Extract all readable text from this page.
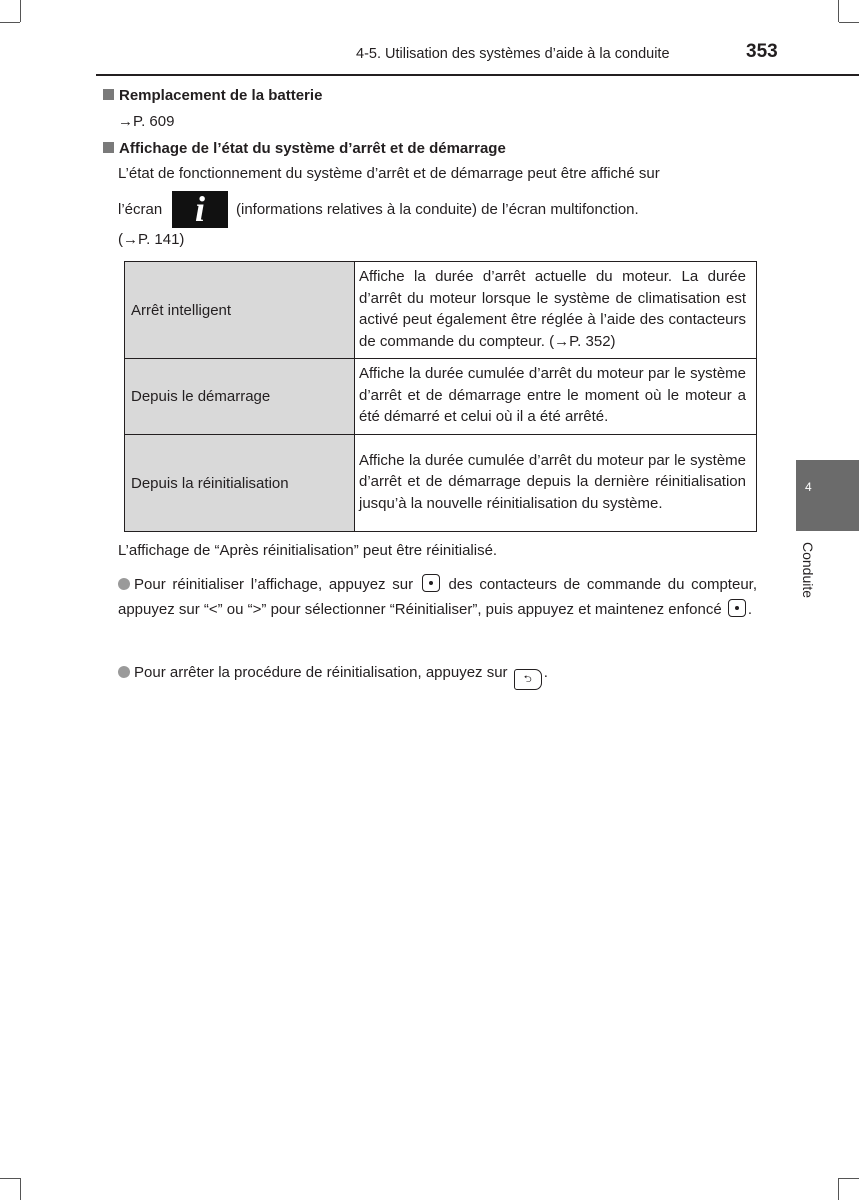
4-5. Utilisation des systèmes d’aide à la conduite	353
Remplacement de la batterie
→P. 609
Affichage de l’état du système d’arrêt et de démarrage
L’état de fonctionnement du système d’arrêt et de démarrage peut être affiché sur
l’écran i	(informations relatives à la conduite) de l’écran multifonction.
(→P. 141)
Arrêt intelligent	Affiche la durée d’arrêt actuelle du moteur. La durée d’arrêt du moteur lorsque le système de climatisation est activé peut également être réglée à l’aide des contacteurs de commande du compteur. (→P. 352)
Depuis le démarrage	Affiche la durée cumulée d’arrêt du moteur par le système d’arrêt et de démarrage entre le moment où le moteur a été démarré et celui où il a été arrêté.
Depuis la réinitialisation	Affiche la durée cumulée d’arrêt du moteur par le système d’arrêt et de démarrage depuis la dernière réinitialisation jusqu’à la nouvelle réinitialisation du système.
L’affichage de “Après réinitialisation” peut être réinitialisé.
Pour réinitialiser l’affichage, appuyez sur des contacteurs de commande du compteur, appuyez sur “<” ou “>” pour sélectionner “Réinitialiser”, puis appuyez et maintenez enfoncé .
Pour arrêter la procédure de réinitialisation, appuyez sur ⮌ .
4
Conduite
